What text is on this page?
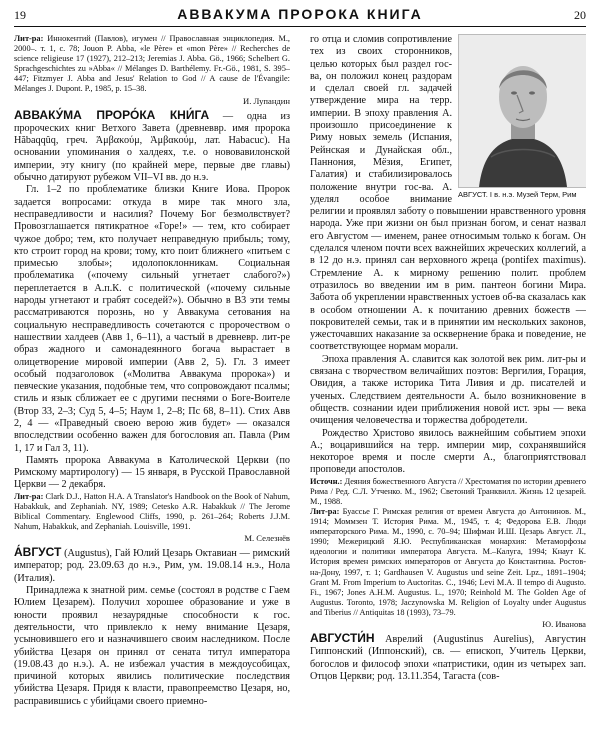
19	АВВАКУМА ПРОРОКА КНИГА	20
Лит-ра: Иннокентий (Павлов), игумен // Православная энциклопедия. М., 2000–. т. 1, с. 78; Jouon P. Abba, «le Père» et «mon Père» // Recherches de science religieuse 17 (1927), 212–213; Jeremias J. Abba. Gö., 1966; Schelbert G. Sprachgeschichtes zu »Abba« // Mélanges D. Barthélemy. Fr.-Gö., 1981, S. 395–447; Fitzmyer J. Abba and Jesus' Relation to God // A cause de l'Évangile: Mélanges J. Dupont. P., 1985, p. 15–38.
И. Лупандин

АВВАКУ́МА ПРОРО́КА КНИ́ГА — одна из пророческих книг Ветхого Завета (древневвр. имя пророка Hăbaqqûq, греч. Ἀμβακούμ, Ἀμβακούμ, лат. Habacuc). На основании упоминания о халдеях, т.е. о нововавилонской империи, эту книгу (по крайней мере, первые две главы) обычно датируют рубежом VII–VI вв. до н.э.

Гл. 1–2 по проблематике близки Книге Иова. Пророк задается вопросами: откуда в мире так много зла, несправедливости и насилия? Почему Бог безмолвствует? Провозглашается пятикратное «Горе!» — тем, кто собирает чужое добро; тем, кто получает неправедную прибыль; тому, кто строит город на крови; тому, кто поит ближнего «питьем с примесью злобы»; идолопоклонникам. Социальная проблематика («почему сильный угнетает слабого?») переплетается в А.п.К. с политической («почему сильные народы угнетают и грабят соседей?»). Обычно в В3 эти темы рассматриваются порознь, но у Аввакума сетования на социальную несправедливость сочетаются с пророчеством о нашествии халдеев (Авв 1, 6–11), а частый в древневр. лит-ре образ жадного и самонадеянного богача вырастает в олицетворение мировой империи (Авв 2, 5). Гл. 3 имеет особый подзаголовок («Молитва Аввакума пророка») и певческие указания, подобные тем, что сопровождают псалмы; стиль и язык сближает ее с другими песнями о Боге-Воителе (Втор 33, 2–3; Суд 5, 4–5; Наум 1, 2–8; Пс 68, 8–11). Стих Авв 2, 4 — «Праведный своею верою жив будет» — оказался впоследствии особенно важен для богословия ап. Павла (Рим 1, 17 и Гал 3, 11).

Память пророка Аввакума в Католической Церкви (по Римскому мартирологу) — 15 января, в Русской Православной Церкви — 2 декабря.

Лит-ра: Clark D.J., Hatton H.A. A Translator's Handbook on the Book of Nahum, Habakkuk, and Zephaniah. NY, 1989; Cetesko A.R. Habakkuk // The Jerome Biblical Commentary. Englewood Cliffs, 1990, p. 261–264; Roberts J.J.M. Nahum, Habakkuk, and Zephaniah. Louisville, 1991.
М. Селезнёв

А́ВГУСТ (Augustus), Гай Юлий Цезарь Октавиан — римский император; род. 23.09.63 до н.э., Рим, ум. 19.08.14 н.э., Нола (Италия).

Принадлежа к знатной рим. семье (состоял в родстве с Гаем Юлием Цезарем). Получил хорошее образование и уже в юности проявил незаурядные способности к гос. деятельности, что привлекло к нему внимание Цезаря, усыновившего его и назначившего своим наследником. После убийства Цезаря он принял от сената титул императора (19.08.43 до н.э.). А. не избежал участия в междоусобицах, причиной которых явились политические последствия убийства Цезаря. Придя к власти, правопреемство Цезаря, но, расправившись с убийцами своего приемно-

АВГУСТ. I в. н.э. Музей Терм, Рим

го отца и сломив сопротивление тех из своих сторонников, целью которых был раздел гос-ва, он положил конец раздорам и сделал своей гл. задачей утверждение мира на терр. империи. В эпоху правления А. произошло присоединение к Риму новых земель (Испания, Рейнская и Дунайская обл., Паннония, Мёзия, Египет, Галатия) и стабилизировалось положение внутри гос-ва. А. уделял особое внимание религии и проявлял заботу о повышении нравственного уровня народа. Уже при жизни он был признан богом, и сенат назвал его Августом — именем, ранее относимым только к богам. Он сделался членом почти всех важнейших жреческих коллегий, а в 12 до н.э. принял сан верховного жреца (pontifex maximus). Стремление А. к мирному решению полит. проблем отразилось во введении им в рим. пантеон богини Мира. Забота об укреплении нравственных устоев об-ва сказалась как в особом отношении А. к почитанию древних божеств — покровителей семьи, так и в принятии им нескольких законов, ужесточавших наказание за осквернение брака и поведение, не соответствующее нормам морали.

Эпоха правления А. славится как золотой век рим. лит-ры и связана с творчеством величайших поэтов: Вергилия, Горация, Овидия, а также историка Тита Ливия и др. писателей и ученых. Следствием деятельности А. было возникновение в обществ. сознании идеи приближения новой ист. эры — века очищения человечества и торжества добродетели.

Рождество Христово явилось важнейшим событием эпохи А.; воцарившийся на терр. империи мир, сохранявшийся некоторое время и после смерти А., благоприятствовал проповеди апостолов.

Источн.: Деяния божественного Августа // Хрестоматия по истории древнего Рима / Ред. С.Л. Утченко. М., 1962; Светоний Транквилл. Жизнь 12 цезарей. М., 1988.
Лит-ра: Буассье Г. Римская религия от времен Августа до Антонинов. М., 1914; Моммзен Т. История Рима. М., 1945, т. 4; Федорова Е.В. Люди императорского Рима. М., 1990, с. 70–94; Шифман И.Ш. Цезарь Август. Л., 1990; Межерицкий Я.Ю. Республиканская монархия: Метаморфозы идеологии и политики императора Августа. М.–Калуга, 1994; Кнаут К. История времен римских императоров от Августа до Константина. Ростов-на-Дону, 1997, т. 1; Gardhausen V. Augustus und seine Zeit. Lpz., 1891–1904; Grant M. From Imperium to Auctoritas. C., 1946; Levi M.A. Il tempo di Augusto. Fi., 1967; Jones A.H.M. Augustus. L., 1970; Reinhold M. The Golden Age of Augustus. Toronto, 1978; Jaczynowska M. Religion of Loyalty under Augustus and Tiberius // Antiquitas 18 (1993), 73–79.
Ю. Иванова

АВГУСТИ́Н Аврелий (Augustinus Aurelius), Августин Гиппонский (Иппонский), св. — епископ, Учитель Церкви, богослов и философ эпохи «патристики, один из четырех зап. Отцов Церкви; род. 13.11.354, Тагаста (сов-
